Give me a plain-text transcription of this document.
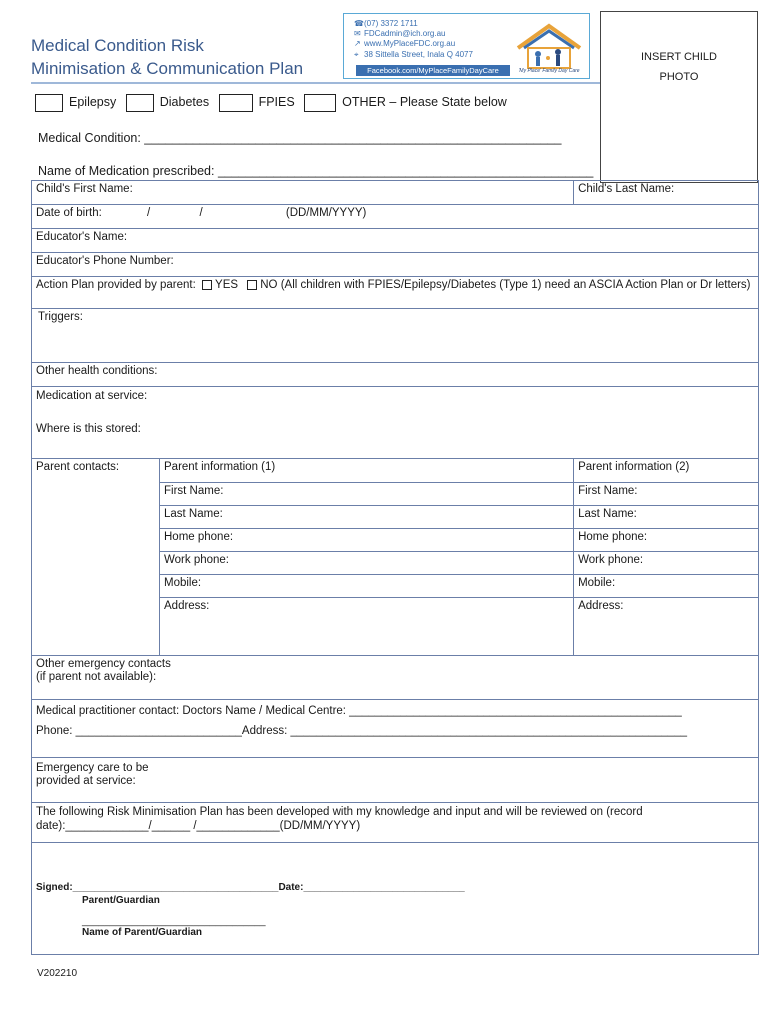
Medical Condition Risk
Minimisation & Communication Plan
☎(07) 3372 1711
✉ FDCadmin@ich.org.au
↗ www.MyPlaceFDC.org.au
⌖ 38 Sittella Street, Inala Q 4077
Facebook.com/MyPlaceFamilyDayCare	'My Place' Family Day Care
INSERT CHILD
PHOTO
Epilepsy	Diabetes	FPIES	OTHER – Please State below
Medical Condition: ____________________________________________________________
Name of Medication prescribed: ______________________________________________________
Child's First Name:		Child's Last Name:
Date of birth: / / (DD/MM/YYYY)		
Educator's Name:		
Educator's Phone Number:		
Action Plan provided by parent: YES NO (All children with FPIES/Epilepsy/Diabetes (Type 1) need an ASCIA Action Plan or Dr letters)		
Triggers:		
Other health conditions:		

Medication at service:
Where is this stored:		

Parent contacts:	Parent information (1)	Parent information (2)
	First Name:	First Name:
	Last Name:	Last Name:
	Home phone:	Home phone:
	Work phone:	Work phone:
	Mobile:	Mobile:
	Address:	Address:

Other emergency contacts
(if parent not available):		

Medical practitioner contact: Doctors Name / Medical Centre: ____________________________________________________
Phone: __________________________Address: ______________________________________________________________		

Emergency care to be
provided at service:		

The following Risk Minimisation Plan has been developed with my knowledge and input and will be reviewed on (record date):_____________/______ /_____________(DD/MM/YYYY)		

Signed:_____________________________________Date:_____________________________
Parent/Guardian
_________________________________
Name of Parent/Guardian		
V202210
